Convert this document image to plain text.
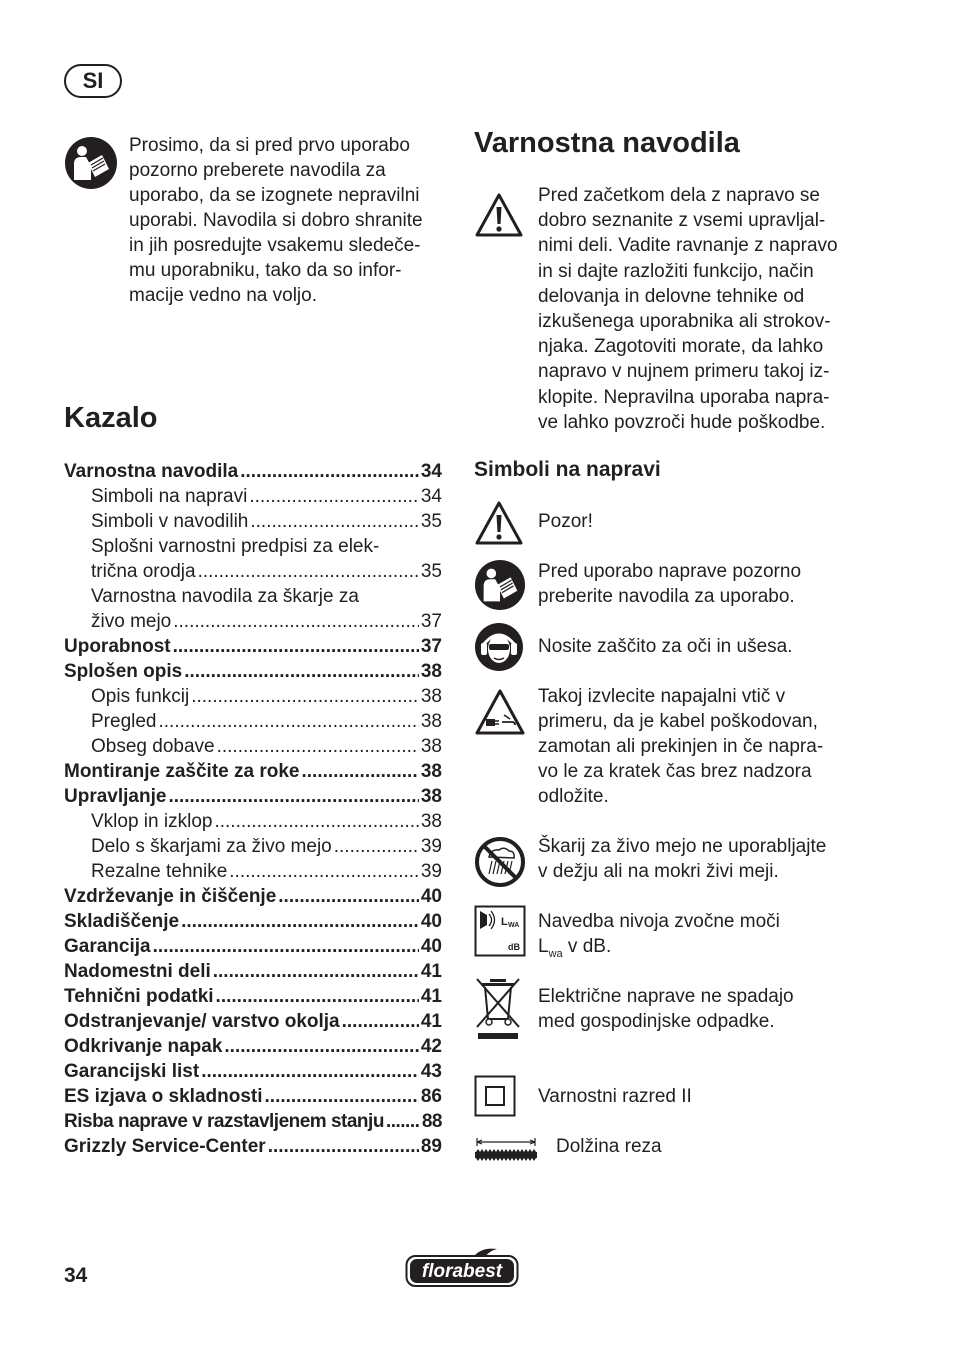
SI
Prosimo, da si pred prvo uporabo
pozorno preberete navodila za
uporabo, da se izognete nepravilni
uporabi. Navodila si dobro shranite
in jih posredujte vsakemu sledeče-
mu uporabniku, tako da so infor-
macije vedno na voljo.
Kazalo
Varnostna navodila .....	34
Simboli na napravi .....	34
Simboli v navodilih .....	35
Splošni varnostni predpisi za elek-
trična orodja .....	35
Varnostna navodila za škarje za
živo mejo .....	37
Uporabnost .....	37
Splošen opis .....	38
Opis funkcij .....	38
Pregled .....	38
Obseg dobave .....	38
Montiranje zaščite za roke .....	38
Upravljanje .....	38
Vklop in izklop .....	38
Delo s škarjami za živo mejo .....	39
Rezalne tehnike .....	39
Vzdrževanje in čiščenje .....	40
Skladiščenje .....	40
Garancija .....	40
Nadomestni deli .....	41
Tehnični podatki .....	41
Odstranjevanje/ varstvo okolja .....	41
Odkrivanje napak .....	42
Garancijski list .....	43
ES izjava o skladnosti .....	86
Risba naprave v razstavljenem stanju ..... 88
Grizzly Service-Center .....	89
Varnostna navodila
Pred začetkom dela z napravo se
dobro seznanite z vsemi upravljal-
nimi deli. Vadite ravnanje z napravo
in si dajte razložiti funkcijo, način
delovanja in delovne tehnike od
izkušenega uporabnika ali strokov-
njaka. Zagotoviti morate, da lahko
napravo v nujnem primeru takoj iz-
klopite. Nepravilna uporaba napra-
ve lahko povzroči hude poškodbe.
Simboli na napravi
Pozor!
Pred uporabo naprave pozorno
preberite navodila za uporabo.
Nosite zaščito za oči in ušesa.
Takoj izvlecite napajalni vtič v
primeru, da je kabel poškodovan,
zamotan ali prekinjen in če napra-
vo le za kratek čas brez nadzora
odložite.
Škarij za živo mejo ne uporabljajte
v dežju ali na mokri živi meji.
L WA
dB
Navedba nivoja zvočne moči
$L_{wa}$ v dB.
Električne naprave ne spadajo
med gospodinjske odpadke.
Varnostni razred II
Dolžina reza
34	florabest
